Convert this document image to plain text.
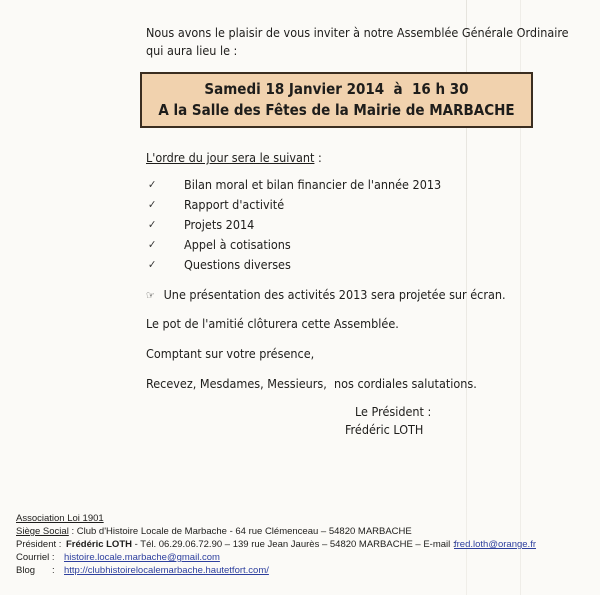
Nous avons le plaisir de vous inviter à notre Assemblée Générale Ordinaire
qui aura lieu le :
Samedi 18 Janvier 2014  à  16 h 30
A la Salle des Fêtes de la Mairie de MARBACHE
L'ordre du jour sera le suivant :
✓ Bilan moral et bilan financier de l'année 2013
✓ Rapport d'activité
✓ Projets 2014
✓ Appel à cotisations
✓ Questions diverses
☞ Une présentation des activités 2013 sera projetée sur écran.
Le pot de l'amitié clôturera cette Assemblée.
Comptant sur votre présence,
Recevez, Mesdames, Messieurs,  nos cordiales salutations.
Le Président :
Frédéric LOTH
Association Loi 1901
Siège Social : Club d'Histoire Locale de Marbache - 64 rue Clémenceau – 54820 MARBACHE
Président : Frédéric LOTH - Tél. 06.29.06.72.90 – 139 rue Jean Jaurès – 54820 MARBACHE – E-mail :
fred.loth@orange.fr
Courriel : histoire.locale.marbache@gmail.com
Blog : http://clubhistoirelocalemarbache.hautetfort.com/
